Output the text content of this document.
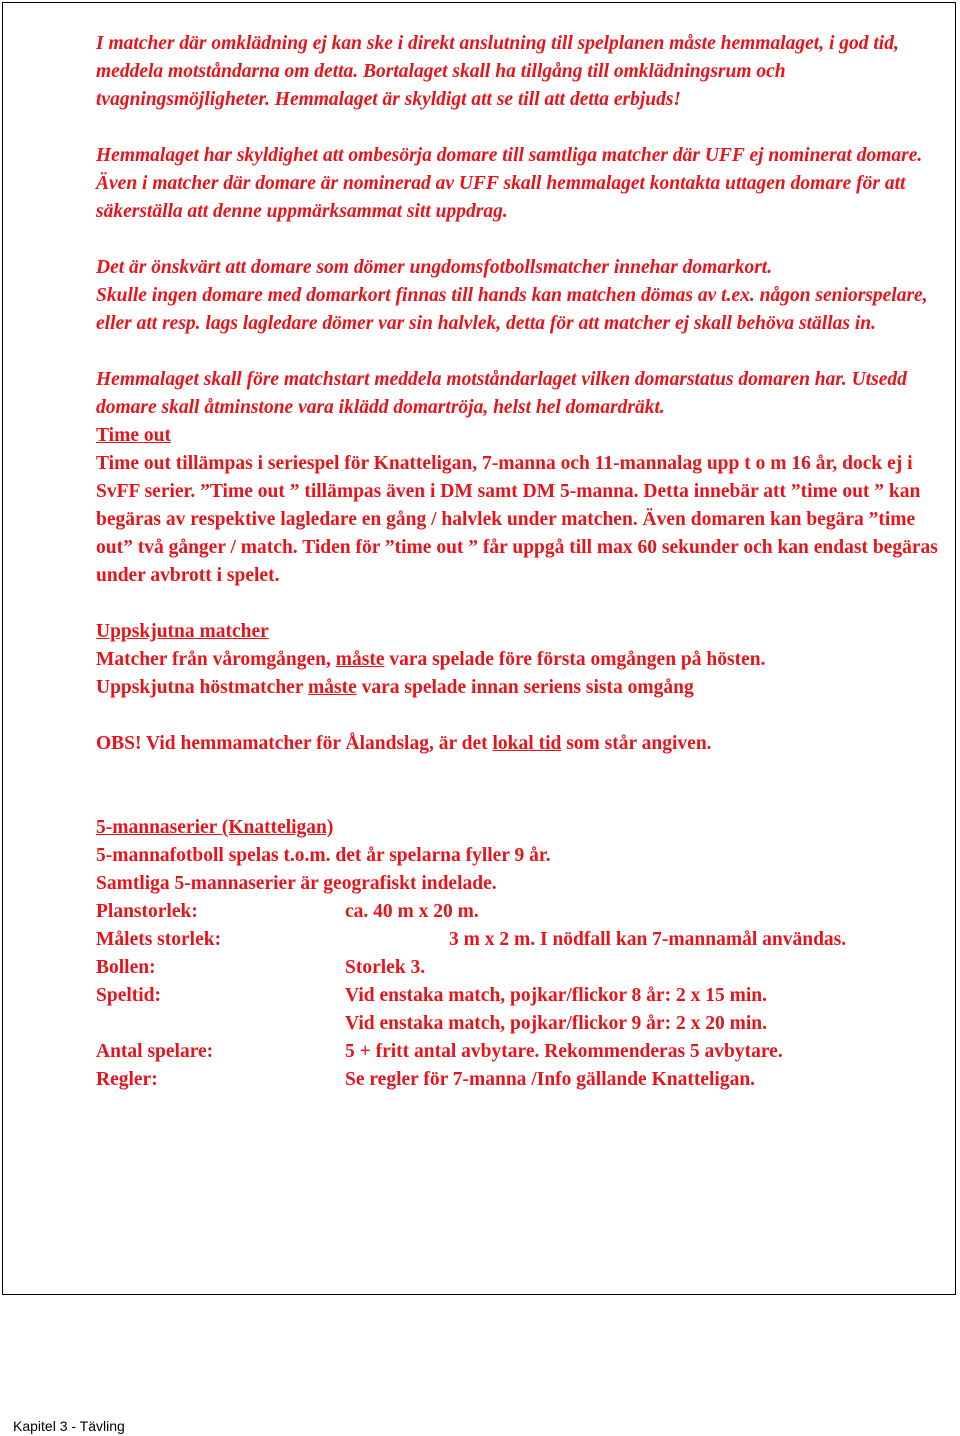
I matcher där omklädning ej kan ske i direkt anslutning till spelplanen måste hemmalaget, i god tid, meddela motståndarna om detta. Bortalaget skall ha tillgång till omklädningsrum och tvagningsmöjligheter. Hemmalaget är skyldigt att se till att detta erbjuds!

Hemmalaget har skyldighet att ombesörja domare till samtliga matcher där UFF ej nominerat domare. Även i matcher där domare är nominerad av UFF skall hemmalaget kontakta uttagen domare för att säkerställa att denne uppmärksammat sitt uppdrag.

Det är önskvärt att domare som dömer ungdomsfotbollsmatcher innehar domarkort.

Skulle ingen domare med domarkort finnas till hands kan matchen dömas av t.ex. någon seniorspelare, eller att resp. lags lagledare dömer var sin halvlek, detta för att matcher ej skall behöva ställas in.

Hemmalaget skall före matchstart meddela motståndarlaget vilken domarstatus domaren har. Utsedd domare skall åtminstone vara iklädd domartröja, helst hel domardräkt.

Time out

Time out tillämpas i seriespel för Knatteligan, 7-manna och 11-mannalag upp t o m 16 år, dock ej i SvFF serier. ”Time out ” tillämpas även i DM samt DM 5-manna. Detta innebär att ”time out ” kan begäras av respektive lagledare en gång / halvlek under matchen. Även domaren kan begära ”time out” två gånger / match. Tiden för ”time out ” får uppgå till max 60 sekunder och kan endast begäras under avbrott i spelet.

Uppskjutna matcher

Matcher från våromgången, måste vara spelade före första omgången på hösten.

Uppskjutna höstmatcher måste vara spelade innan seriens sista omgång

OBS! Vid hemmamatcher för Ålandslag, är det lokal tid som står angiven.

5-mannaserier (Knatteligan)

5-mannafotboll spelas t.o.m. det år spelarna fyller 9 år.

Samtliga 5-mannaserier är geografiskt indelade.

Planstorlek:	ca. 40 m x 20 m.
Målets storlek:	3 m x 2 m. I nödfall kan 7-mannamål användas.
Bollen:	Storlek 3.
Speltid:	Vid enstaka match, pojkar/flickor 8 år: 2 x 15 min.
Vid enstaka match, pojkar/flickor 9 år: 2 x 20 min.
Antal spelare:	5 + fritt antal avbytare. Rekommenderas 5 avbytare.
Regler:	Se regler för 7-manna /Info gällande Knatteligan.
Kapitel 3 - Tävling
